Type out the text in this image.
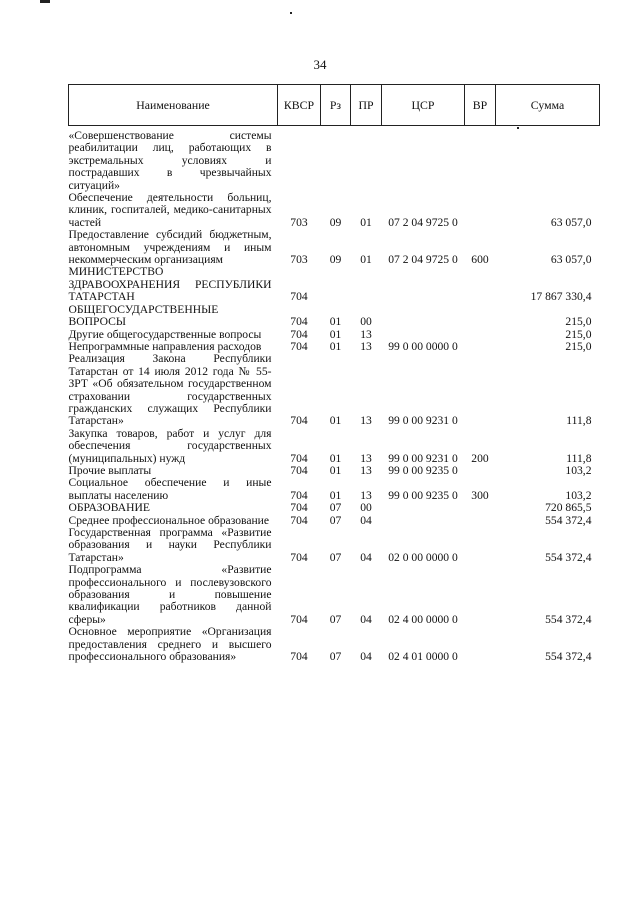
34
Наименование	КВСР	Рз	ПР	ЦСР	ВР	Сумма
«Совершенствование системы реабилитации лиц, работающих в экстремальных условиях и пострадавших в чрезвычайных ситуаций»						
Обеспечение деятельности больниц, клиник, госпиталей, медико-санитарных частей	703	09	01	07 2 04 9725 0		63 057,0
Предоставление субсидий бюджетным, автономным учреждениям и иным некоммерческим организациям	703	09	01	07 2 04 9725 0	600	63 057,0
МИНИСТЕРСТВО ЗДРАВООХРАНЕНИЯ РЕСПУБЛИКИ ТАТАРСТАН	704					17 867 330,4
ОБЩЕГОСУДАРСТВЕННЫЕ ВОПРОСЫ	704	01	00			215,0
Другие общегосударственные вопросы	704	01	13			215,0
Непрограммные направления расходов	704	01	13	99 0 00 0000 0		215,0
Реализация Закона Республики Татарстан от 14 июля 2012 года № 55-ЗРТ «Об обязательном государственном страховании государственных гражданских служащих Республики Татарстан»	704	01	13	99 0 00 9231 0		111,8
Закупка товаров, работ и услуг для обеспечения государственных (муниципальных) нужд	704	01	13	99 0 00 9231 0	200	111,8
Прочие выплаты	704	01	13	99 0 00 9235 0		103,2
Социальное обеспечение и иные выплаты населению	704	01	13	99 0 00 9235 0	300	103,2
ОБРАЗОВАНИЕ	704	07	00			720 865,5
Среднее профессиональное образование	704	07	04			554 372,4
Государственная программа «Развитие образования и науки Республики Татарстан»	704	07	04	02 0 00 0000 0		554 372,4
Подпрограмма «Развитие профессионального и послевузовского образования и повышение квалификации работников данной сферы»	704	07	04	02 4 00 0000 0		554 372,4
Основное мероприятие «Организация предоставления среднего и высшего профессионального образования»	704	07	04	02 4 01 0000 0		554 372,4
